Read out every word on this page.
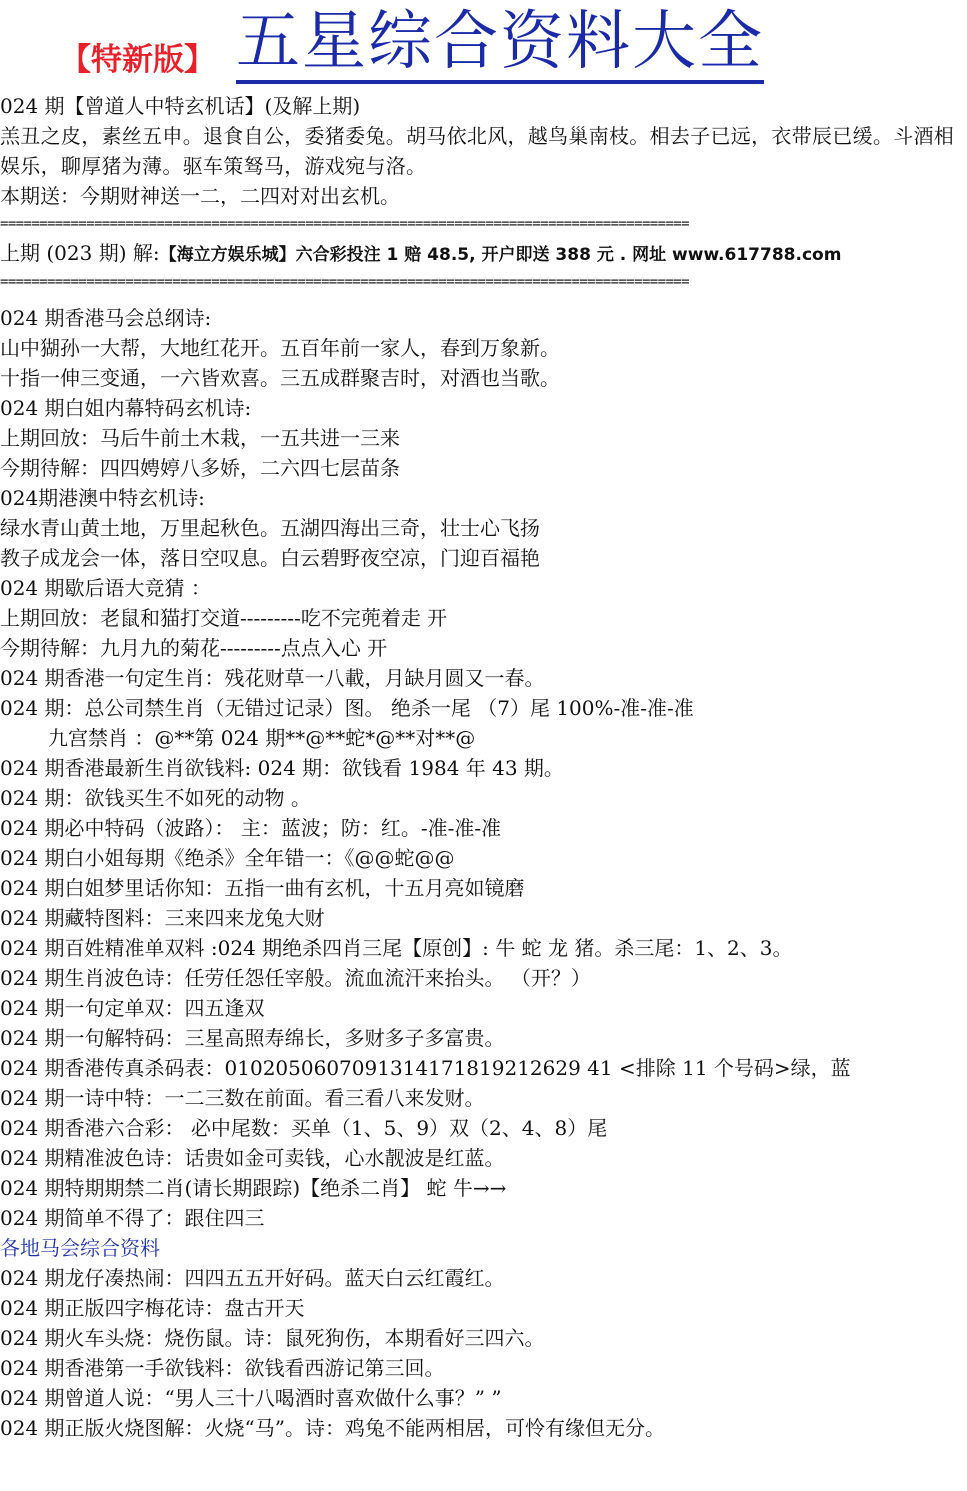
【特新版】 五星综合资料大全
024 期【曾道人中特玄机话】(及解上期)
羔丑之皮，素丝五申。退食自公，委猪委兔。胡马依北风，越鸟巢南枝。相去子已远，衣带辰已缓。斗酒相娱乐，聊厚猪为薄。驱车策驽马，游戏宛与洛。
本期送：今期财神送一二，二四对对出玄机。
========================================================================================
上期 (023 期) 解:【海立方娱乐城】六合彩投注 1 赔 48.5, 开户即送 388 元 . 网址 www.617788.com
========================================================================================
024 期香港马会总纲诗:
山中猢孙一大帮，大地红花开。五百年前一家人，春到万象新。
十指一伸三变通，一六皆欢喜。三五成群聚吉时，对酒也当歌。
024 期白姐内幕特码玄机诗:
上期回放：马后牛前土木栽，一五共进一三来
今期待解：四四娉婷八多娇，二六四七层苗条
024期港澳中特玄机诗:
绿水青山黄土地，万里起秋色。五湖四海出三奇，壮士心飞扬
教子成龙会一体，落日空叹息。白云碧野夜空凉，门迎百福艳
024 期歇后语大竞猜 ：
上期回放：老鼠和猫打交道---------吃不完蔸着走 开
今期待解：九月九的菊花---------点点入心 开
024 期香港一句定生肖：残花财草一八載，月缺月圆又一春。
024 期：总公司禁生肖（无错过记录）图。 绝杀一尾 （7）尾 100%-准-准-准
九宫禁肖 ：@**第 024 期**@**蛇*@**对**@
024 期香港最新生肖欲钱料: 024 期：欲钱看 1984 年 43 期。
024 期：欲钱买生不如死的动物 。
024 期必中特码（波路）： 主：蓝波；防：红。-准-准-准
024 期白小姐每期《绝杀》全年错一：《@@蛇@@
024 期白姐梦里话你知：五指一曲有玄机，十五月亮如镜磨
024 期藏特图料：三来四来龙兔大财
024 期百姓精准单双料 :024 期绝杀四肖三尾【原创】: 牛 蛇 龙 猪。杀三尾：1、2、3。
024 期生肖波色诗：任劳任怨任宰般。流血流汗来抬头。 （开？）
024 期一句定单双：四五逢双
024 期一句解特码：三星高照寿绵长，多财多子多富贵。
024 期香港传真杀码表：0102050607091314171819212629 41 <排除 11 个号码>绿，蓝
024 期一诗中特：一二三数在前面。看三看八来发财。
024 期香港六合彩： 必中尾数：买单（1、5、9）双（2、4、8）尾
024 期精准波色诗：话贵如金可卖钱，心水靓波是红蓝。
024 期特期期禁二肖(请长期跟踪)【绝杀二肖】 蛇 牛→→
024 期简单不得了：跟住四三
各地马会综合资料
024 期龙仔凑热闹：四四五五开好码。蓝天白云红霞红。
024 期正版四字梅花诗：盘古开天
024 期火车头烧：烧伤鼠。诗：鼠死狗伤，本期看好三四六。
024 期香港第一手欲钱料：欲钱看西游记第三回。
024 期曾道人说：“男人三十八喝酒时喜欢做什么事？” ”
024 期正版火烧图解：火烧“马”。诗：鸡兔不能两相居，可怜有缘但无分。
